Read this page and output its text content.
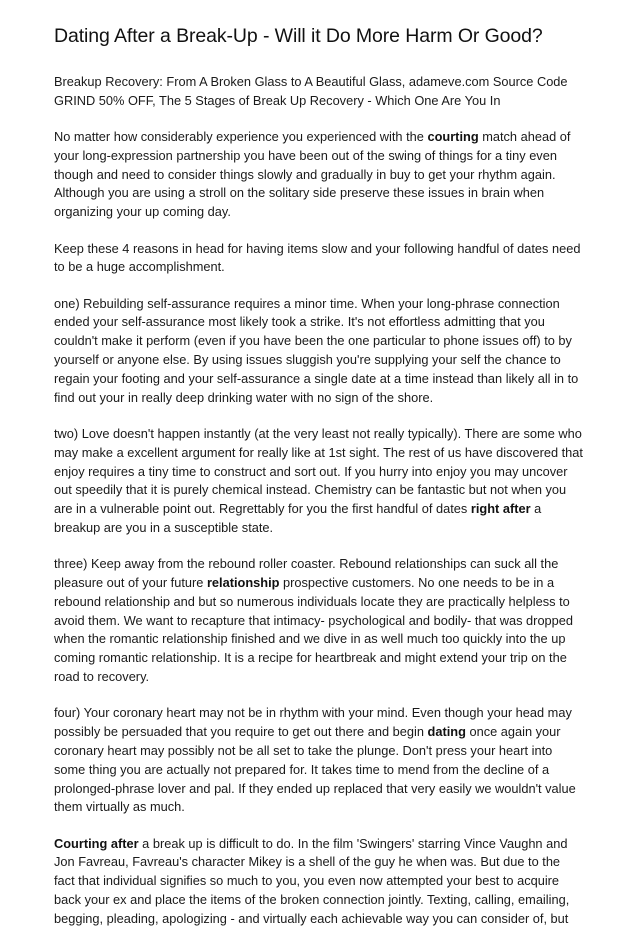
Dating After a Break-Up - Will it Do More Harm Or Good?

Breakup Recovery: From A Broken Glass to A Beautiful Glass, adameve.com Source Code GRIND 50% OFF, The 5 Stages of Break Up Recovery - Which One Are You In

No matter how considerably experience you experienced with the courting match ahead of your long-expression partnership you have been out of the swing of things for a tiny even though and need to consider things slowly and gradually in buy to get your rhythm again. Although you are using a stroll on the solitary side preserve these issues in brain when organizing your up coming day.

Keep these 4 reasons in head for having items slow and your following handful of dates need to be a huge accomplishment.

one) Rebuilding self-assurance requires a minor time. When your long-phrase connection ended your self-assurance most likely took a strike. It's not effortless admitting that you couldn't make it perform (even if you have been the one particular to phone issues off) to by yourself or anyone else. By using issues sluggish you're supplying your self the chance to regain your footing and your self-assurance a single date at a time instead than likely all in to find out your in really deep drinking water with no sign of the shore.

two) Love doesn't happen instantly (at the very least not really typically). There are some who may make a excellent argument for really like at 1st sight. The rest of us have discovered that enjoy requires a tiny time to construct and sort out. If you hurry into enjoy you may uncover out speedily that it is purely chemical instead. Chemistry can be fantastic but not when you are in a vulnerable point out. Regrettably for you the first handful of dates right after a breakup are you in a susceptible state.

three) Keep away from the rebound roller coaster. Rebound relationships can suck all the pleasure out of your future relationship prospective customers. No one needs to be in a rebound relationship and but so numerous individuals locate they are practically helpless to avoid them. We want to recapture that intimacy- psychological and bodily- that was dropped when the romantic relationship finished and we dive in as well much too quickly into the up coming romantic relationship. It is a recipe for heartbreak and might extend your trip on the road to recovery.

four) Your coronary heart may not be in rhythm with your mind. Even though your head may possibly be persuaded that you require to get out there and begin dating once again your coronary heart may possibly not be all set to take the plunge. Don't press your heart into some thing you are actually not prepared for. It takes time to mend from the decline of a prolonged-phrase lover and pal. If they ended up replaced that very easily we wouldn't value them virtually as much.

Courting after a break up is difficult to do. In the film 'Swingers' starring Vince Vaughn and Jon Favreau, Favreau's character Mikey is a shell of the guy he when was. But due to the fact that individual signifies so much to you, you even now attempted your best to acquire back your ex and place the items of the broken connection jointly. Texting, calling, emailing, begging, pleading, apologizing - and virtually each achievable way you can consider of, but
